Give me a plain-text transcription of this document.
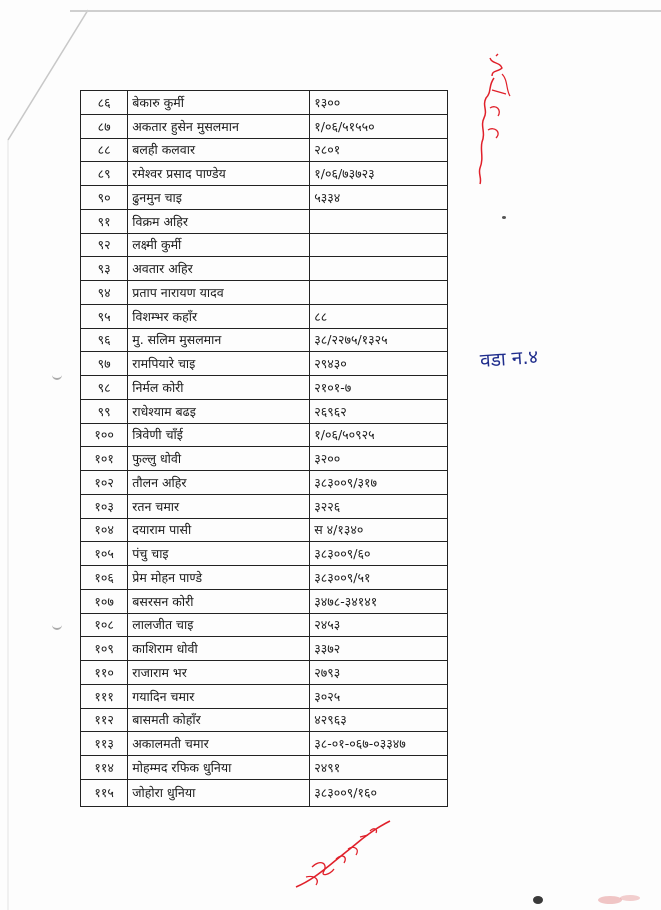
८६	बेकारु कुर्मी	१३००
८७	अकतार हुसेन मुसलमान	१/०६/५१५५०
८८	बलही कलवार	२८०१
८९	रमेश्वर प्रसाद पाण्डेय	१/०६/७३७२३
९०	ढुनमुन चाइ	५३३४
९१	विक्रम अहिर	
९२	लक्ष्मी कुर्मी	
९३	अवतार अहिर	
९४	प्रताप नारायण यादव	
९५	विशम्भर कहाँर	८८
९६	मु. सलिम मुसलमान	३८/२२७५/१३२५
९७	रामपियारे चाइ	२९४३०
९८	निर्मल कोरी	२१०१-७
९९	राधेश्याम बढइ	२६९६२
१००	त्रिवेणी चाँई	१/०६/५०९२५
१०१	फुल्लु धोवी	३२००
१०२	तौलन अहिर	३८३००९/३१७
१०३	रतन चमार	३२२६
१०४	दयाराम पासी	स ४/१३४०
१०५	पंचु चाइ	३८३००९/६०
१०६	प्रेम मोहन पाण्डे	३८३००९/५१
१०७	बसरसन कोरी	३४७८-३४१४१
१०८	लालजीत चाइ	२४५३
१०९	काशिराम धोवी	३३७२
११०	राजाराम भर	२७९३
१११	गयादिन चमार	३०२५
११२	बासमती कोहाँर	४२९६३
११३	अकालमती चमार	३८-०१-०६७-०३३४७
११४	मोहम्मद रफिक धुनिया	२४९१
११५	जोहोरा धुनिया	३८३००९/१६०
वडा न.४
